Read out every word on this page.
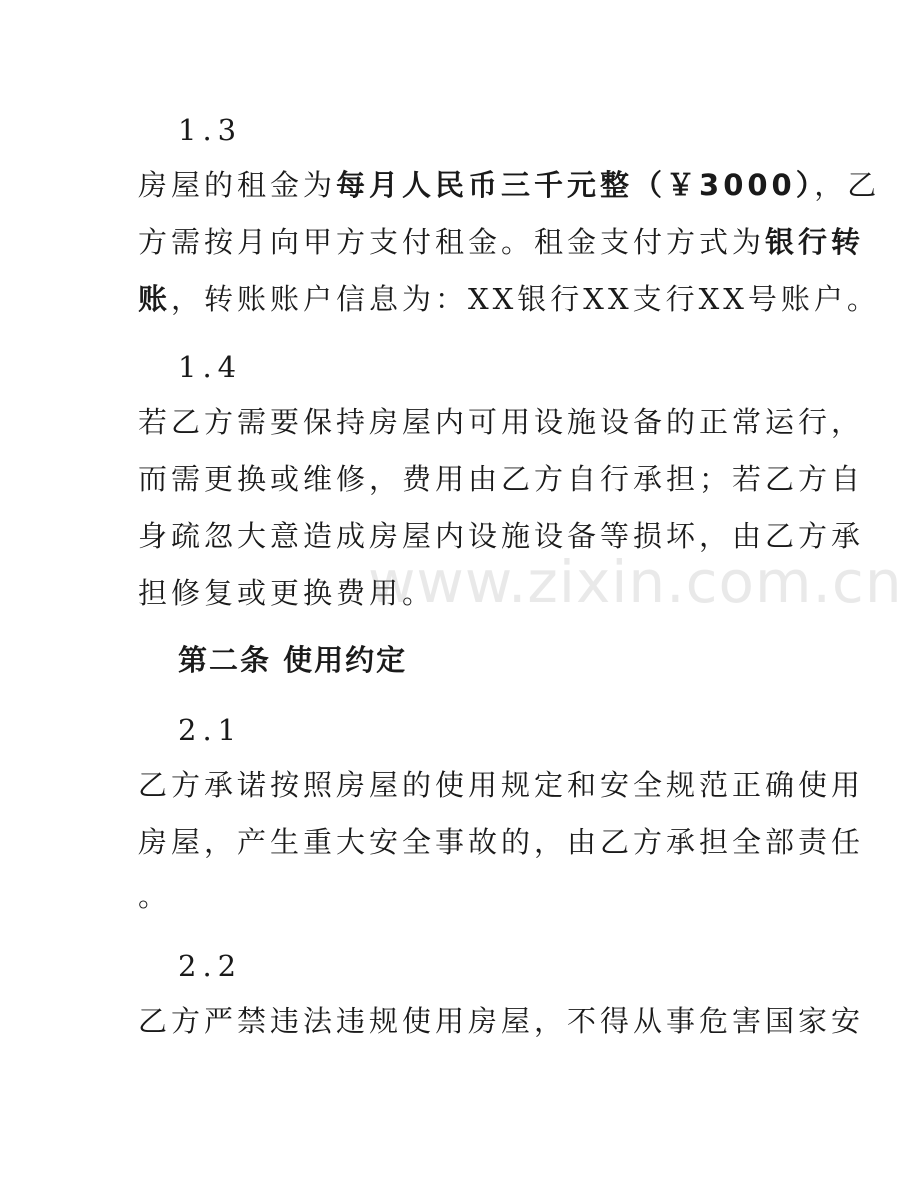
1.3
房屋的租金为每月人民币三千元整（￥3000），乙
方需按月向甲方支付租金。租金支付方式为银行转
账，转账账户信息为：XX银行XX支行XX号账户。
1.4
若乙方需要保持房屋内可用设施设备的正常运行，
而需更换或维修，费用由乙方自行承担；若乙方自
身疏忽大意造成房屋内设施设备等损坏，由乙方承
担修复或更换费用。
第二条 使用约定
2.1
乙方承诺按照房屋的使用规定和安全规范正确使用
房屋，产生重大安全事故的，由乙方承担全部责任
。
2.2
乙方严禁违法违规使用房屋，不得从事危害国家安
www.zixin.com.cn
